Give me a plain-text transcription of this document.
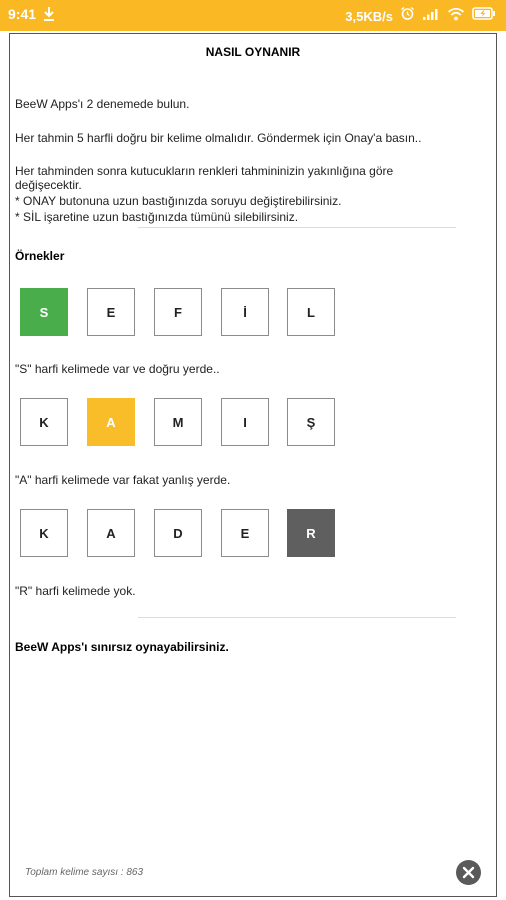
9:41	3,5KB/s
NASIL OYNANIR
BeeW Apps'ı 2 denemede bulun.
Her tahmin 5 harfli doğru bir kelime olmalıdır. Göndermek için Onay'a basın..
Her tahminden sonra kutucukların renkleri tahmininizin yakınlığına göre
değişecektir.
* ONAY butonuna uzun bastığınızda soruyu değiştirebilirsiniz.
* SİL işaretine uzun bastığınızda tümünü silebilirsiniz.
Örnekler
S	E	F	İ	L
"S" harfi kelimede var ve doğru yerde..
K	A	M	I	Ş
"A" harfi kelimede var fakat yanlış yerde.
K	A	D	E	R
"R" harfi kelimede yok.
BeeW Apps'ı sınırsız oynayabilirsiniz.
Toplam kelime sayısı : 863
